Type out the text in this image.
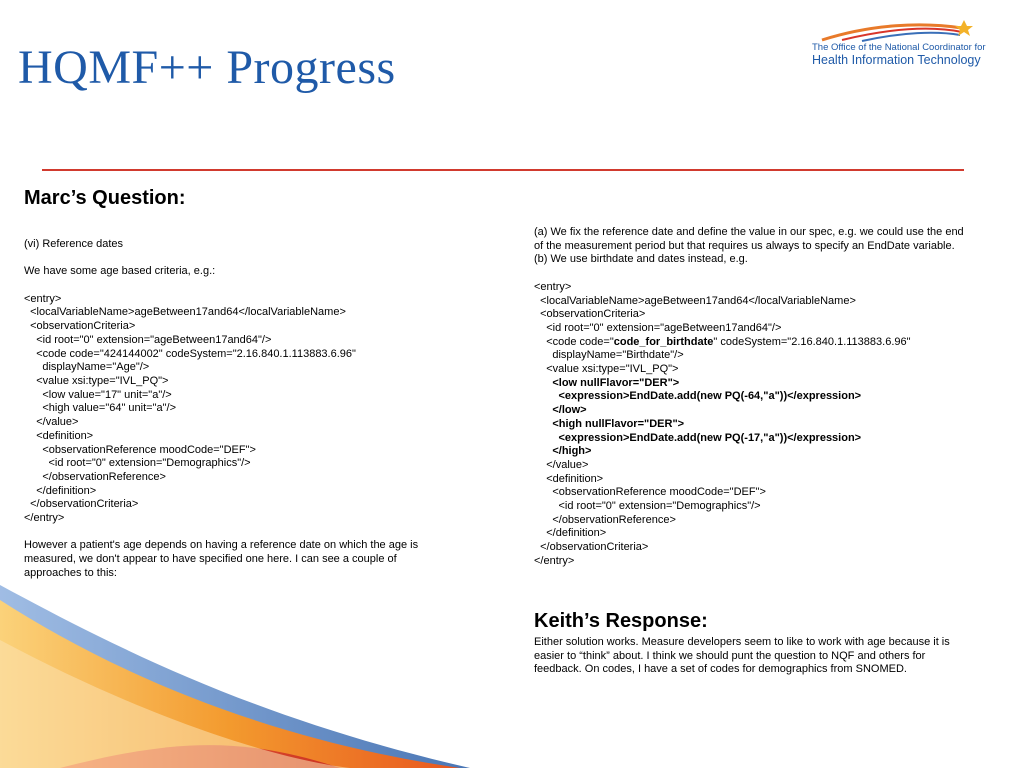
HQMF++ Progress	The Office of the National Coordinator for
Health Information Technology
Marc’s Question:

(vi) Reference dates

We have some age based criteria, e.g.:

<entry>
<localVariableName>ageBetween17and64</localVariableName>
<observationCriteria>
<id root="0" extension="ageBetween17and64"/>
<code code="424144002" codeSystem="2.16.840.1.113883.6.96"
displayName="Age"/>
<value xsi:type="IVL_PQ">
<low value="17" unit="a"/>
<high value="64" unit="a"/>
</value>
<definition>
<observationReference moodCode="DEF">
<id root="0" extension="Demographics"/>
</observationReference>
</definition>
</observationCriteria>
</entry>

However a patient's age depends on having a reference date on which the age is measured, we don't appear to have specified one here. I can see a couple of approaches to this:

(a) We fix the reference date and define the value in our spec, e.g. we could use the end of the measurement period but that requires us always to specify an EndDate variable.

(b) We use birthdate and dates instead, e.g.

<entry>
<localVariableName>ageBetween17and64</localVariableName>
<observationCriteria>
<id root="0" extension="ageBetween17and64"/>
<code code="code_for_birthdate" codeSystem="2.16.840.1.113883.6.96"
displayName="Birthdate"/>
<value xsi:type="IVL_PQ">
<low nullFlavor="DER">
<expression>EndDate.add(new PQ(-64,"a"))</expression>
</low>
<high nullFlavor="DER">
<expression>EndDate.add(new PQ(-17,"a"))</expression>
</high>
</value>
<definition>
<observationReference moodCode="DEF">
<id root="0" extension="Demographics"/>
</observationReference>
</definition>
</observationCriteria>
</entry>
Keith’s Response:
Either solution works. Measure developers seem to like to work with age because it is easier to “think” about. I think we should punt the question to NQF and others for feedback. On codes, I have a set of codes for demographics from SNOMED.
